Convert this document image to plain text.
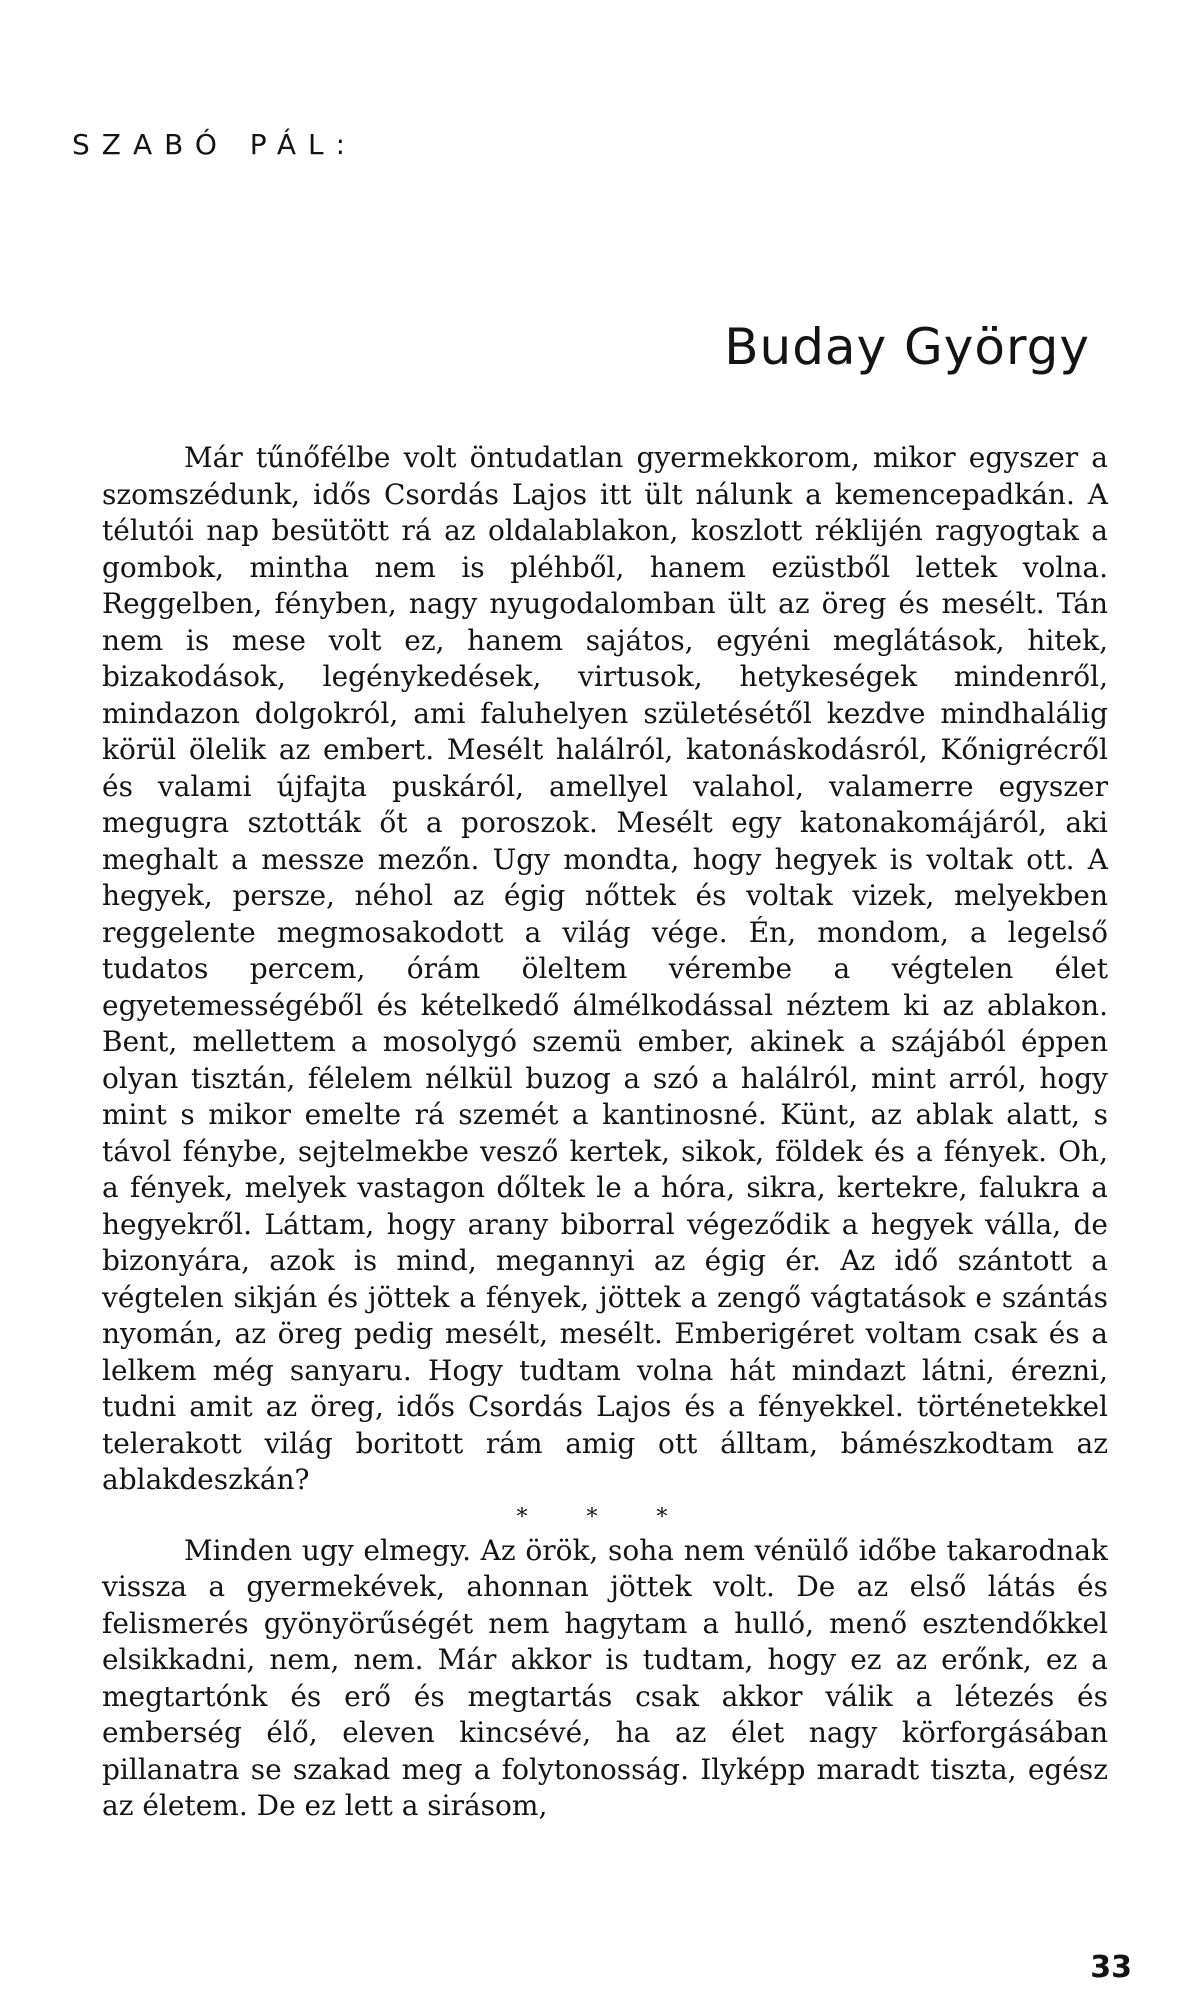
SZABÓ PÁL:
Buday György

Már tűnőfélbe volt öntudatlan gyermekkorom, mikor egyszer a szomszédunk, idős Csordás Lajos itt ült nálunk a kemencepadkán. A télutói nap besütött rá az oldalablakon, koszlott réklijén ragyogtak a gombok, mintha nem is pléhből, hanem ezüstből lettek volna. Reggelben, fényben, nagy nyugodalomban ült az öreg és mesélt. Tán nem is mese volt ez, hanem sajátos, egyéni meglátások, hitek, bizakodások, legénykedések, virtusok, hetykeségek mindenről, mindazon dolgokról, ami faluhelyen születésétől kezdve mindhalálig körül ölelik az embert. Mesélt halálról, katonáskodásról, Kőnigrécről és valami újfajta puskáról, amellyel valahol, valamerre egyszer megugra sztották őt a poroszok. Mesélt egy katonakomájáról, aki meghalt a messze mezőn. Ugy mondta, hogy hegyek is voltak ott. A hegyek, persze, néhol az égig nőttek és voltak vizek, melyekben reggelente megmosakodott a világ vége. Én, mondom, a legelső tudatos percem, órám öleltem vérembe a végtelen élet egyetemességéből és kételkedő álmélkodással néztem ki az ablakon. Bent, mellettem a mosolygó szemü ember, akinek a szájából éppen olyan tisztán, félelem nélkül buzog a szó a halálról, mint arról, hogy mint s mikor emelte rá szemét a kantinosné. Künt, az ablak alatt, s távol fénybe, sejtelmekbe vesző kertek, sikok, földek és a fények. Oh, a fények, melyek vastagon dőltek le a hóra, sikra, kertekre, falukra a hegyekről. Láttam, hogy arany biborral végeződik a hegyek válla, de bizonyára, azok is mind, megannyi az égig ér. Az idő szántott a végtelen sikján és jöttek a fények, jöttek a zengő vágtatások e szántás nyomán, az öreg pedig mesélt, mesélt. Emberigéret voltam csak és a lelkem még sanyaru. Hogy tudtam volna hát mindazt látni, érezni, tudni amit az öreg, idős Csordás Lajos és a fényekkel. történetekkel telerakott világ boritott rám amig ott álltam, bámészkodtam az ablakdeszkán?

* * *

Minden ugy elmegy. Az örök, soha nem vénülő időbe takarodnak vissza a gyermekévek, ahonnan jöttek volt. De az első látás és felismerés gyönyörűségét nem hagytam a hulló, menő esztendőkkel elsikkadni, nem, nem. Már akkor is tudtam, hogy ez az erőnk, ez a megtartónk és erő és megtartás csak akkor válik a létezés és emberség élő, eleven kincsévé, ha az élet nagy körforgásában pillanatra se szakad meg a folytonosság. Ilyképp maradt tiszta, egész az életem. De ez lett a sirásom,

33
